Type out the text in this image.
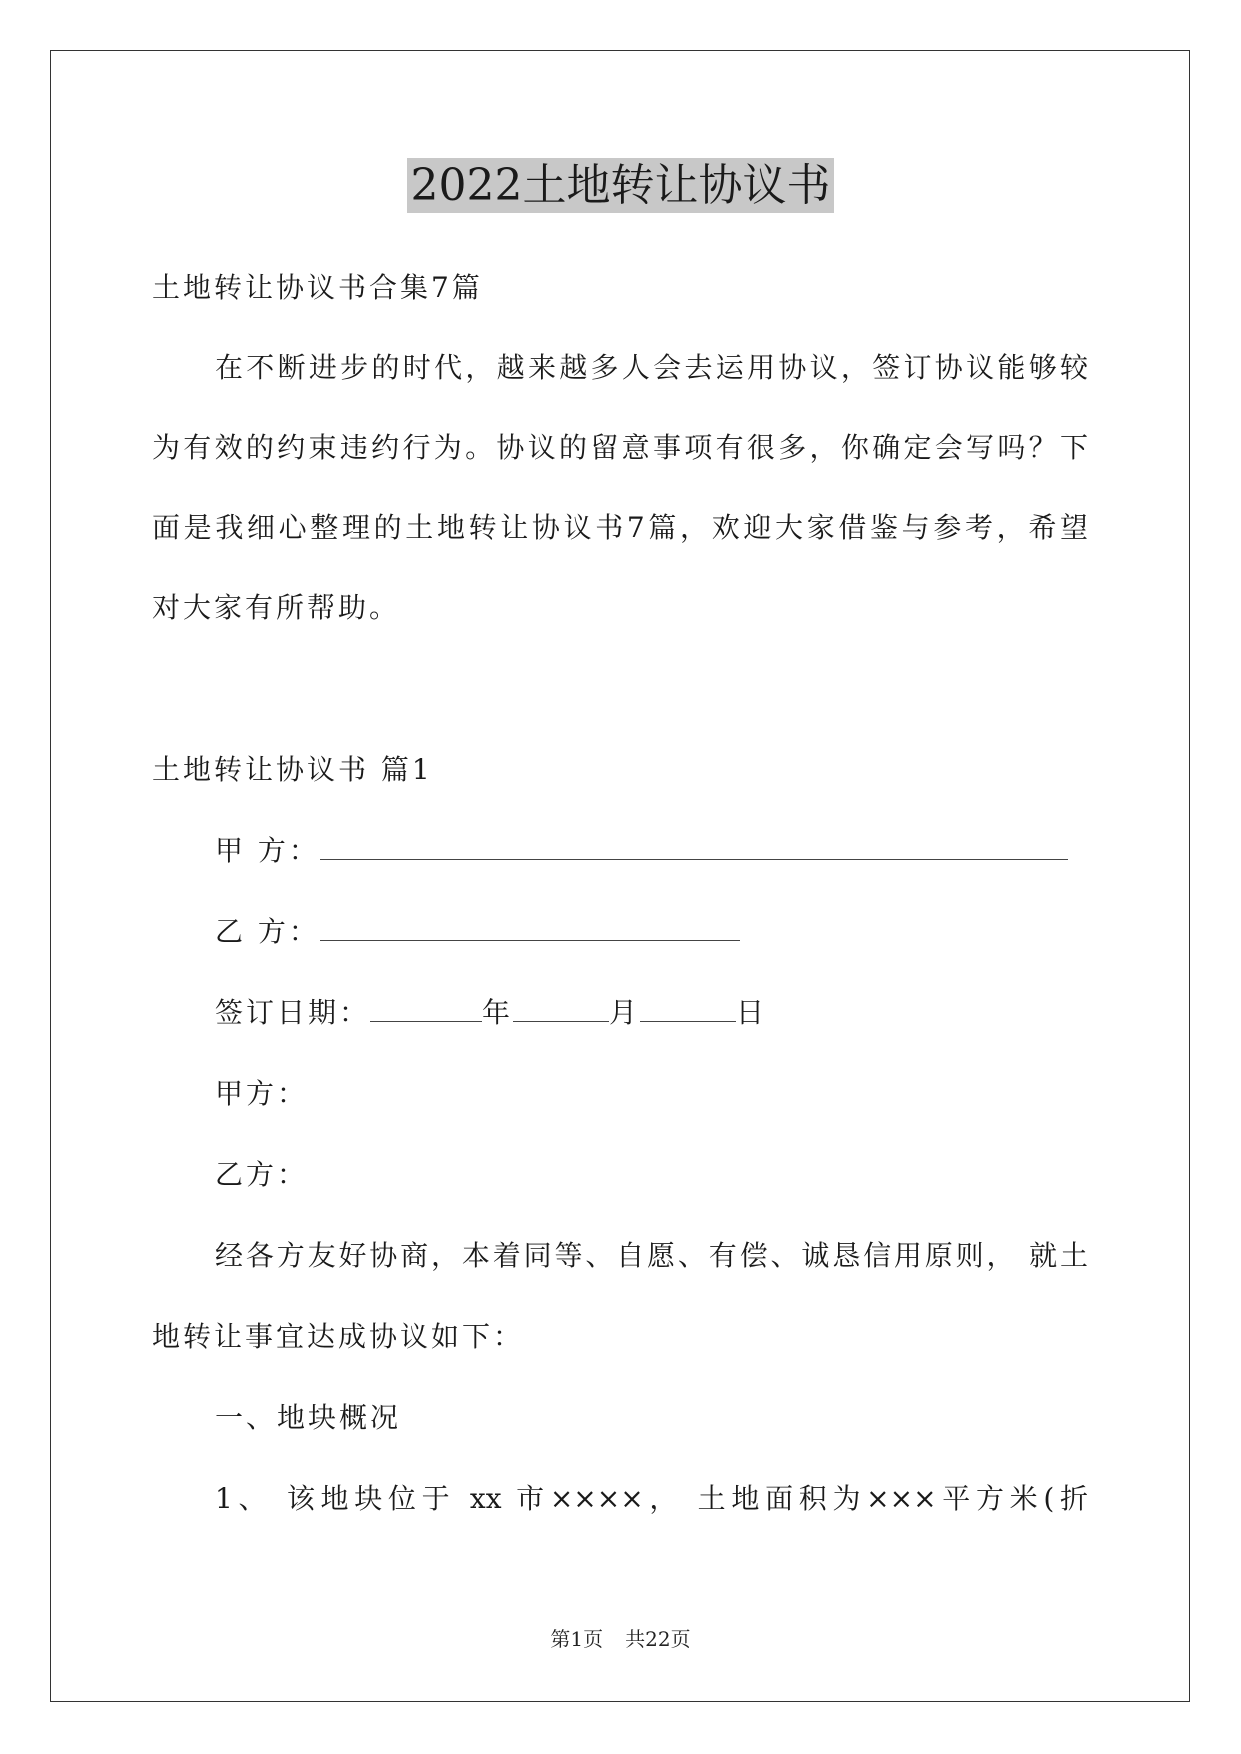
2022土地转让协议书
土地转让协议书合集7篇
在不断进步的时代，越来越多人会去运用协议，签订协议能够较
为有效的约束违约行为。协议的留意事项有很多，你确定会写吗？下
面是我细心整理的土地转让协议书7篇，欢迎大家借鉴与参考，希望
对大家有所帮助。
土地转让协议书 篇1
甲 方：
乙 方：
签订日期：	年	月	日
甲方：
乙方：
经各方友好协商，本着同等、自愿、有偿、诚恳信用原则， 就土
地转让事宜达成协议如下：
一、地块概况
1、 该地块位于 xx 市××××， 土地面积为×××平方米(折
第1页 共22页
